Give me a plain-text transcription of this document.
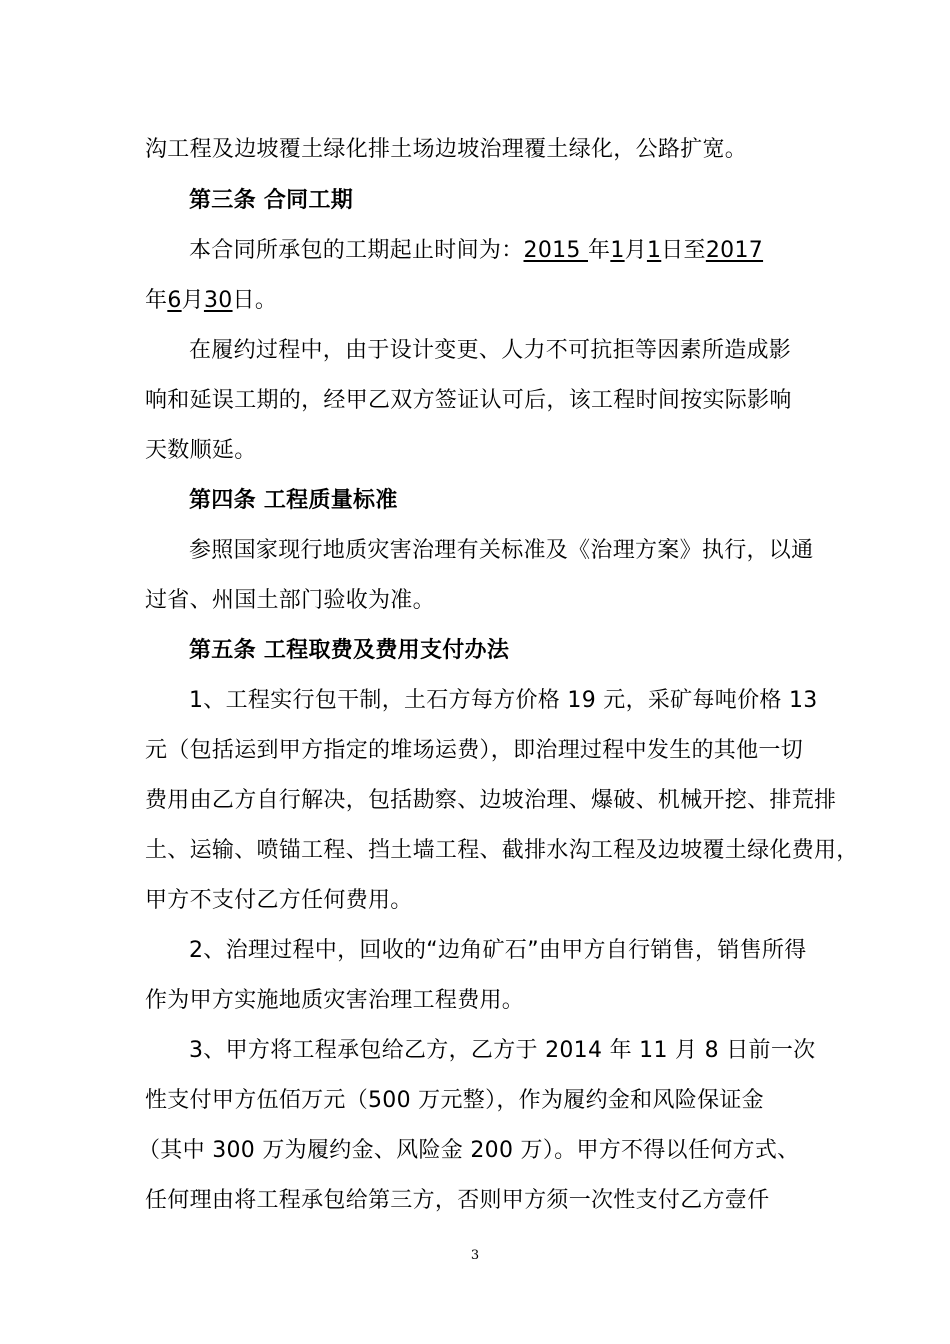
沟工程及边坡覆土绿化排土场边坡治理覆土绿化，公路扩宽。
第三条 合同工期
本合同所承包的工期起止时间为：2015 年1月1日至2017
年6月30日。
在履约过程中，由于设计变更、人力不可抗拒等因素所造成影
响和延误工期的，经甲乙双方签证认可后，该工程时间按实际影响
天数顺延。
第四条 工程质量标准
参照国家现行地质灾害治理有关标准及《治理方案》执行，以通
过省、州国土部门验收为准。
第五条 工程取费及费用支付办法
1、工程实行包干制，土石方每方价格 19 元，采矿每吨价格 13
元（包括运到甲方指定的堆场运费），即治理过程中发生的其他一切
费用由乙方自行解决，包括勘察、边坡治理、爆破、机械开挖、排荒排
土、运输、喷锚工程、挡土墙工程、截排水沟工程及边坡覆土绿化费用，
甲方不支付乙方任何费用。
2、治理过程中，回收的“边角矿石”由甲方自行销售，销售所得
作为甲方实施地质灾害治理工程费用。
3、甲方将工程承包给乙方，乙方于 2014 年 11 月 8 日前一次
性支付甲方伍佰万元（500 万元整），作为履约金和风险保证金
（其中 300 万为履约金、风险金 200 万）。甲方不得以任何方式、
任何理由将工程承包给第三方，否则甲方须一次性支付乙方壹仟
3
